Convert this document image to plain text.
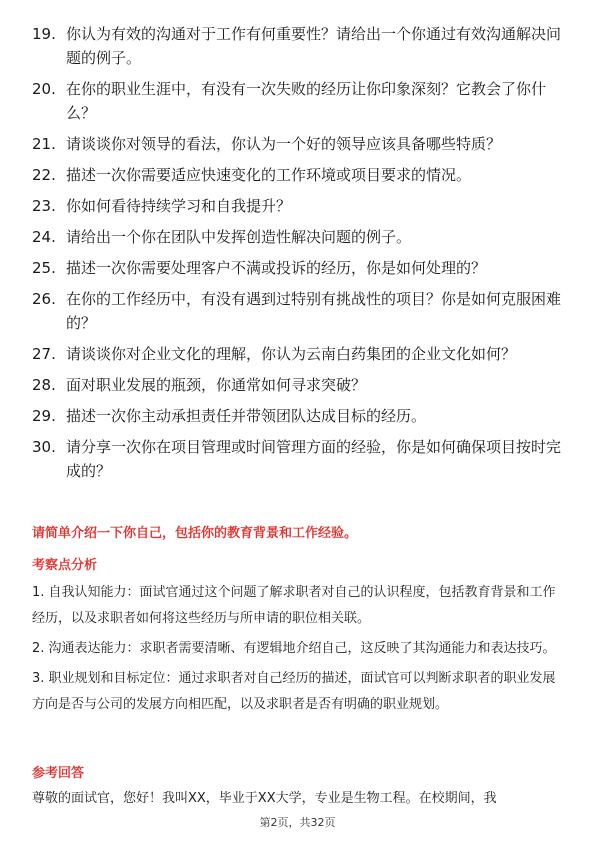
19. 你认为有效的沟通对于工作有何重要性？请给出一个你通过有效沟通解决问题的例子。
20. 在你的职业生涯中，有没有一次失败的经历让你印象深刻？它教会了你什么？
21. 请谈谈你对领导的看法，你认为一个好的领导应该具备哪些特质？
22. 描述一次你需要适应快速变化的工作环境或项目要求的情况。
23. 你如何看待持续学习和自我提升？
24. 请给出一个你在团队中发挥创造性解决问题的例子。
25. 描述一次你需要处理客户不满或投诉的经历，你是如何处理的？
26. 在你的工作经历中，有没有遇到过特别有挑战性的项目？你是如何克服困难的？
27. 请谈谈你对企业文化的理解，你认为云南白药集团的企业文化如何？
28. 面对职业发展的瓶颈，你通常如何寻求突破？
29. 描述一次你主动承担责任并带领团队达成目标的经历。
30. 请分享一次你在项目管理或时间管理方面的经验，你是如何确保项目按时完成的？
请简单介绍一下你自己，包括你的教育背景和工作经验。
考察点分析
1. 自我认知能力：面试官通过这个问题了解求职者对自己的认识程度，包括教育背景和工作经历，以及求职者如何将这些经历与所申请的职位相关联。
2. 沟通表达能力：求职者需要清晰、有逻辑地介绍自己，这反映了其沟通能力和表达技巧。
3. 职业规划和目标定位：通过求职者对自己经历的描述，面试官可以判断求职者的职业发展方向是否与公司的发展方向相匹配，以及求职者是否有明确的职业规划。
参考回答
尊敬的面试官，您好！我叫XX，毕业于XX大学，专业是生物工程。在校期间，我
第2页，共32页
